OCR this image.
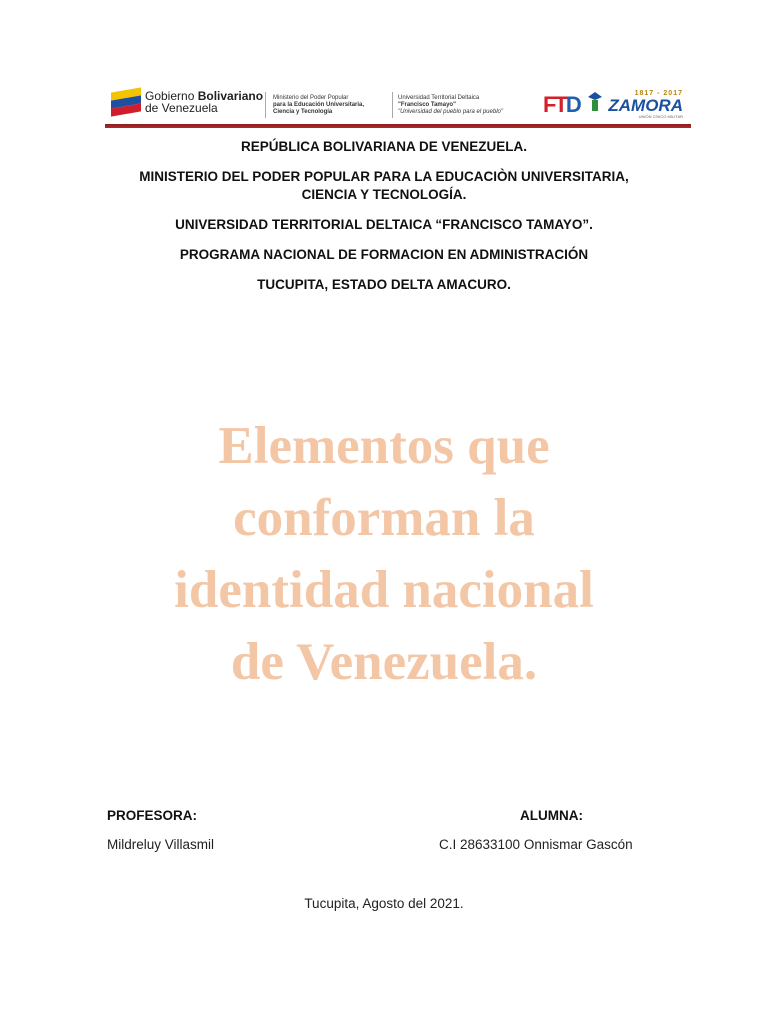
Gobierno Bolivariano
de Venezuela
Ministerio del Poder Popular
para la Educación Universitaria,
Ciencia y Tecnología
Universidad Territorial Deltaica
"Francisco Tamayo"
"Universidad del pueblo para el pueblo" FTD	1817 - 2017
ZAMORA
UNIÓN CÍVICO MILITAR
REPÚBLICA BOLIVARIANA DE VENEZUELA.
MINISTERIO DEL PODER POPULAR PARA LA EDUCACIÒN UNIVERSITARIA,
CIENCIA Y TECNOLOGÍA.
UNIVERSIDAD TERRITORIAL DELTAICA “FRANCISCO TAMAYO”.
PROGRAMA NACIONAL DE FORMACION EN ADMINISTRACIÓN
TUCUPITA, ESTADO DELTA AMACURO.
Elementos que
conforman la
identidad nacional
de Venezuela.
PROFESORA:	ALUMNA:
Mildreluy Villasmil	C.I 28633100 Onnismar Gascón
Tucupita, Agosto del 2021.
